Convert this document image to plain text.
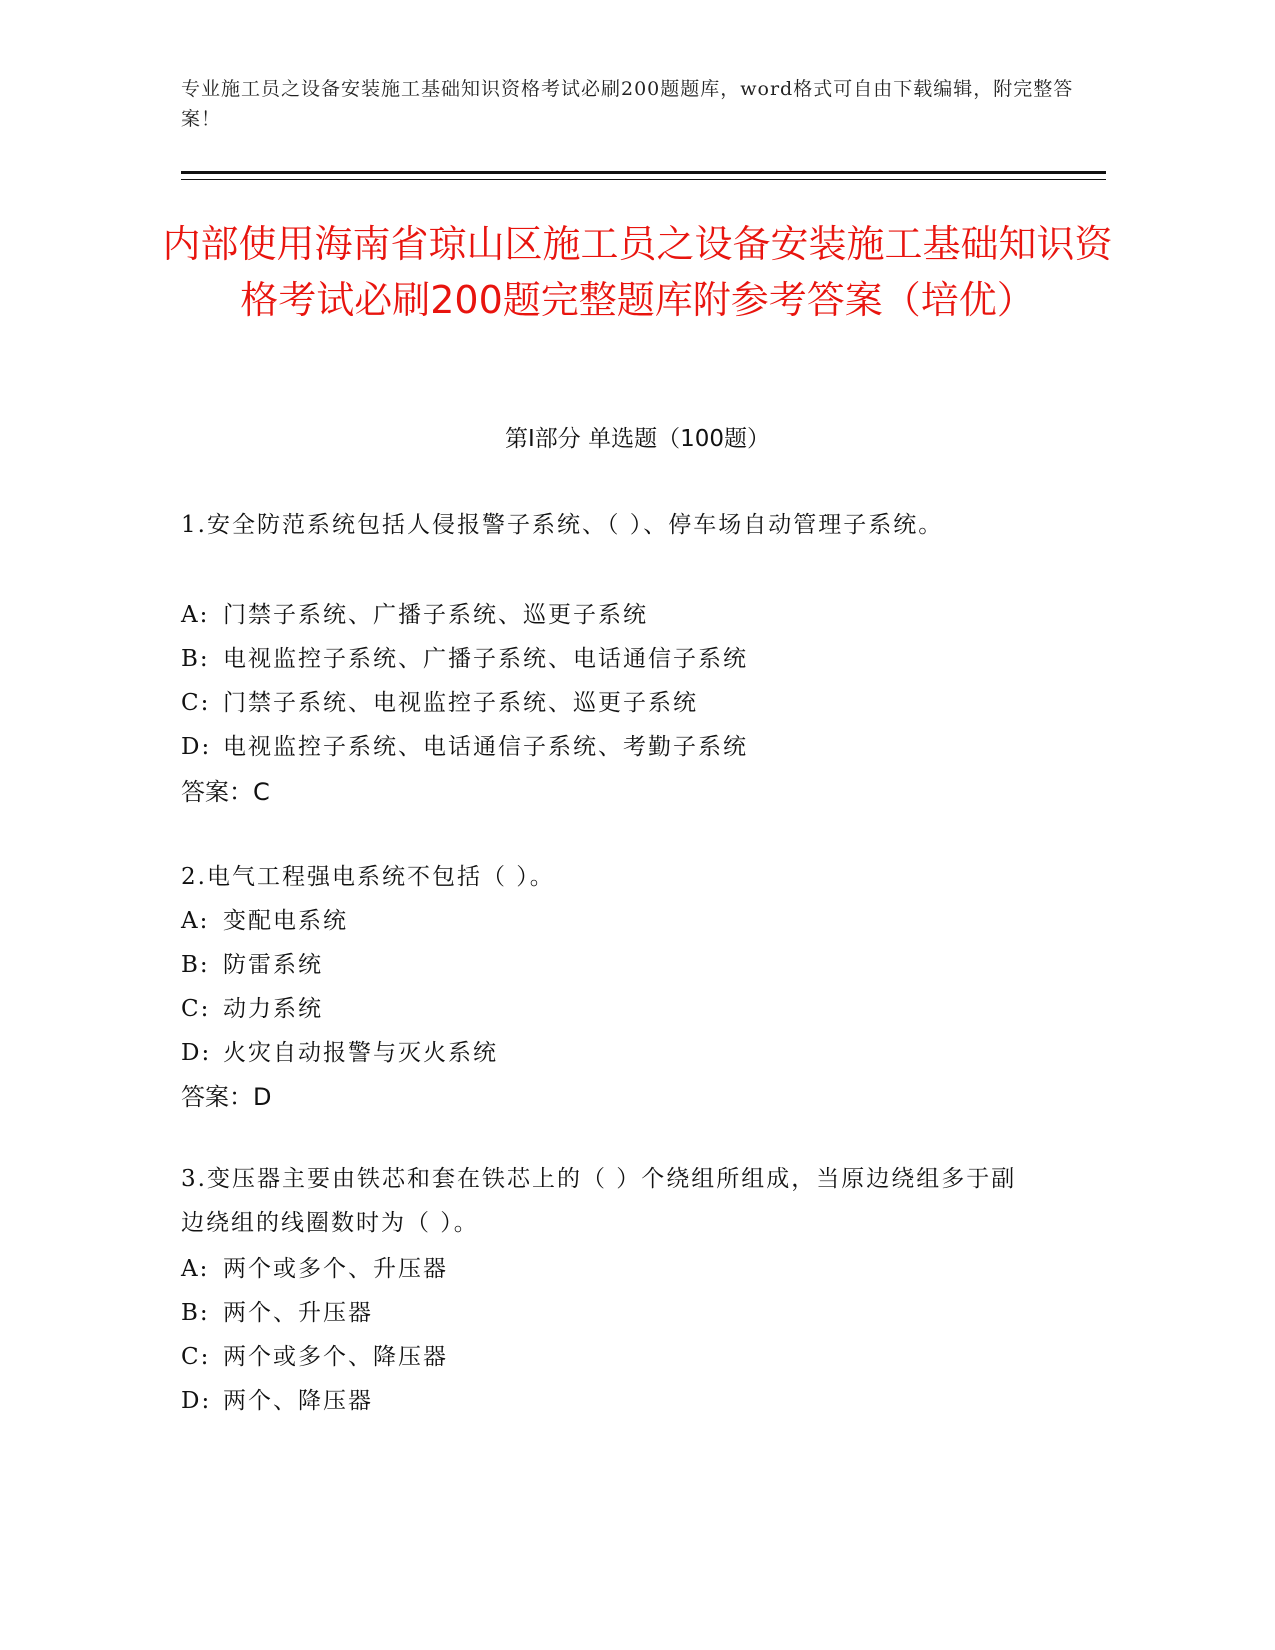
专业施工员之设备安装施工基础知识资格考试必刷200题题库，word格式可自由下载编辑，附完整答案！
内部使用海南省琼山区施工员之设备安装施工基础知识资格考试必刷200题完整题库附参考答案（培优）
第Ⅰ部分 单选题（100题）
1.安全防范系统包括人侵报警子系统、（ ）、停车场自动管理子系统。
A: 门禁子系统、广播子系统、巡更子系统
B: 电视监控子系统、广播子系统、电话通信子系统
C: 门禁子系统、电视监控子系统、巡更子系统
D: 电视监控子系统、电话通信子系统、考勤子系统
答案：C
2.电气工程强电系统不包括（ ）。
A: 变配电系统
B: 防雷系统
C: 动力系统
D: 火灾自动报警与灭火系统
答案：D
3.变压器主要由铁芯和套在铁芯上的（ ）个绕组所组成，当原边绕组多于副边绕组的线圈数时为（ ）。
A: 两个或多个、升压器
B: 两个、升压器
C: 两个或多个、降压器
D: 两个、降压器
